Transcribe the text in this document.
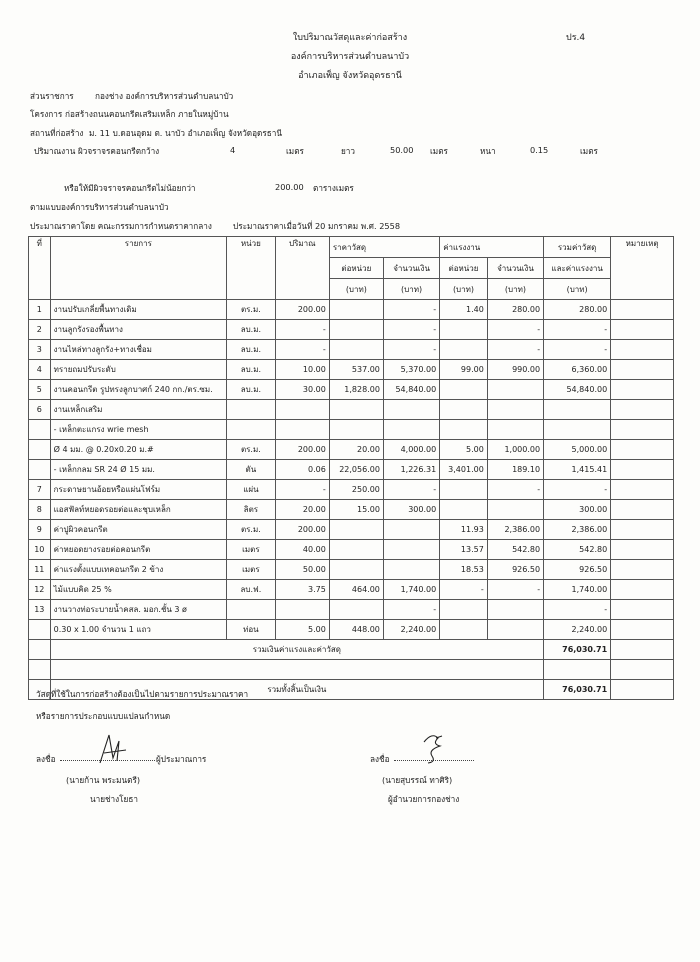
ใบปริมาณวัสดุและค่าก่อสร้าง	ปร.4
องค์การบริหารส่วนตำบลนาบัว
อำเภอเพ็ญ จังหวัดอุดรธานี
ส่วนราชการ	กองช่าง องค์การบริหารส่วนตำบลนาบัว
โครงการ ก่อสร้างถนนคอนกรีตเสริมเหล็ก ภายในหมู่บ้าน
สถานที่ก่อสร้าง ม. 11 บ.ดอนอุดม ต. นาบัว อำเภอเพ็ญ จังหวัดอุดรธานี
ปริมาณงาน ผิวจราจรคอนกรีตกว้าง	4	เมตร	ยาว	50.00 เมตร	หนา	0.15	เมตร
หรือให้มีผิวจราจรคอนกรีตไม่น้อยกว่า	200.00 ตารางเมตร
ตามแบบองค์การบริหารส่วนตำบลนาบัว
ประมาณราคาโดย คณะกรรมการกำหนดราคากลาง	ประมาณราคาเมื่อวันที่ 20 มกราคม พ.ศ. 2558
ที่	รายการ	หน่วย	ปริมาณ	ราคาวัสดุ		ค่าแรงงาน		รวมค่าวัสดุ	หมายเหตุ
				ต่อหน่วย	จำนวนเงิน	ต่อหน่วย	จำนวนเงิน	และค่าแรงงาน	
				(บาท)	(บาท)	(บาท)	(บาท)	(บาท)	
1	งานปรับเกลี่ยพื้นทางเดิม	ตร.ม.	200.00		-	1.40	280.00	280.00	
2	งานลูกรังรองพื้นทาง	ลบ.ม.	-		-		-	-	
3	งานไหล่ทางลูกรัง+ทางเชื่อม	ลบ.ม.	-		-		-	-	
4	ทรายถมปรับระดับ	ลบ.ม.	10.00	537.00	5,370.00	99.00	990.00	6,360.00	
5	งานคอนกรีต รูปทรงลูกบาศก์ 240 กก./ตร.ซม.	ลบ.ม.	30.00	1,828.00	54,840.00			54,840.00	
6	งานเหล็กเสริม								
	- เหล็กตะแกรง wrie mesh								
	Ø 4 มม. @ 0.20x0.20 ม.#	ตร.ม.	200.00	20.00	4,000.00	5.00	1,000.00	5,000.00	
	- เหล็กกลม SR 24 Ø 15 มม.	ตัน	0.06	22,056.00	1,226.31	3,401.00	189.10	1,415.41	
7	กระดาษยานอ้อยหรือแผ่นโฟร์ม	แผ่น	-	250.00	-		-	-	
8	แอสฟัลท์หยอดรอยต่อและชุบเหล็ก	ลิตร	20.00	15.00	300.00			300.00	
9	ค่าปูผิวคอนกรีต	ตร.ม.	200.00			11.93	2,386.00	2,386.00	
10	ค่าหยอดยางรอยต่อคอนกรีต	เมตร	40.00			13.57	542.80	542.80	
11	ค่าแรงตั้งแบบเทคอนกรีต 2 ข้าง	เมตร	50.00			18.53	926.50	926.50	
12	ไม้แบบคิด 25 %	ลบ.ฟ.	3.75	464.00	1,740.00	-	-	1,740.00	
13	งานวางท่อระบายน้ำคสล. มอก.ชั้น 3 ø				-			-	
	0.30 x 1.00 จำนวน 1 แถว	ท่อน	5.00	448.00	2,240.00			2,240.00	
	รวมเงินค่าแรงและค่าวัสดุ							76,030.71	

	รวมทั้งสิ้นเป็นเงิน							76,030.71	
วัสดุที่ใช้ในการก่อสร้างต้องเป็นไปตามรายการประมาณราคา
หรือรายการประกอบแบบแปลนกำหนด
ลงชื่อ	ผู้ประมาณการ
(นายก้าน พระมนตรี)
นายช่างโยธา
ลงชื่อ
(นายสุบรรณ์ ทาศิริ)
ผู้อำนวยการกองช่าง
